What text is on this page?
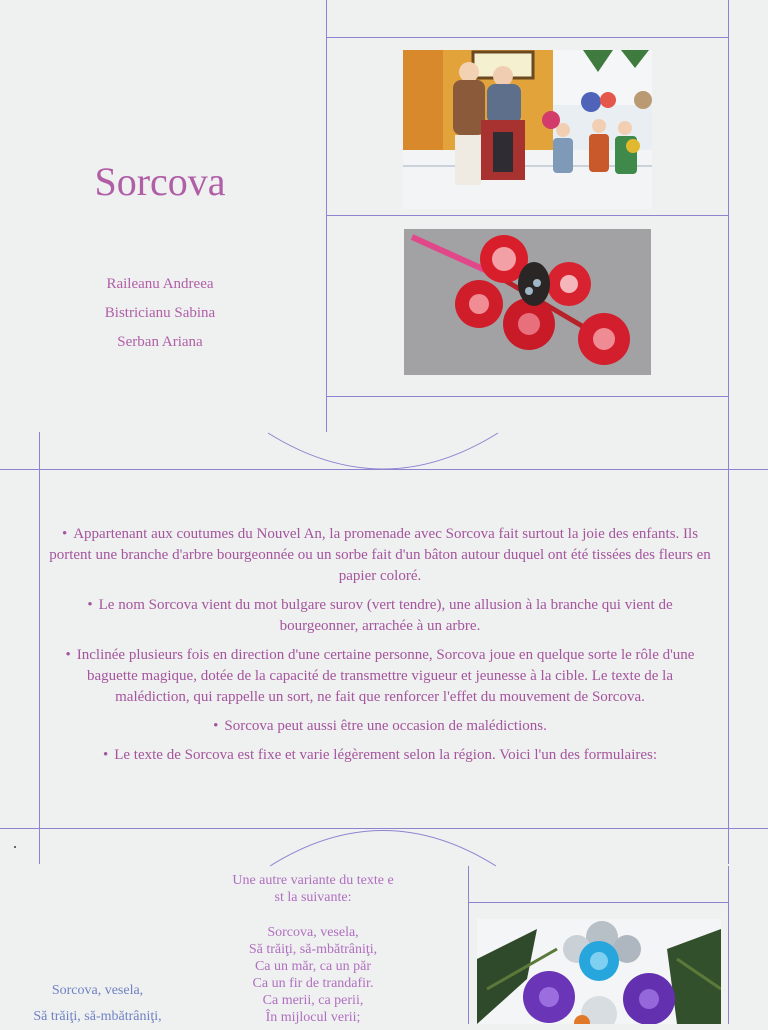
Sorcova
Raileanu Andreea
Bistricianu Sabina
Serban Ariana

• Appartenant aux coutumes du Nouvel An, la promenade avec Sorcova fait surtout la joie des enfants. Ils portent une branche d'arbre bourgeonnée ou un sorbe fait d'un bâton autour duquel ont été tissées des fleurs en papier coloré.

• Le nom Sorcova vient du mot bulgare surov (vert tendre), une allusion à la branche qui vient de bourgeonner, arrachée à un arbre.

• Inclinée plusieurs fois en direction d'une certaine personne, Sorcova joue en quelque sorte le rôle d'une baguette magique, dotée de la capacité de transmettre vigueur et jeunesse à la cible. Le texte de la malédiction, qui rappelle un sort, ne fait que renforcer l'effet du mouvement de Sorcova.

• Sorcova peut aussi être une occasion de malédictions.

• Le texte de Sorcova est fixe et varie légèrement selon la région. Voici l'un des formulaires:

Une autre variante du texte e
st la suivante:
Sorcova, vesela,
Să trăiţi, să-mbătrâniţi,
Ca un măr, ca un păr
Ca un fir de trandafir.
Ca merii, ca perii,
În mijlocul verii;
Sorcova, vesela,
Să trăiţi, să-mbătrâniţi,
